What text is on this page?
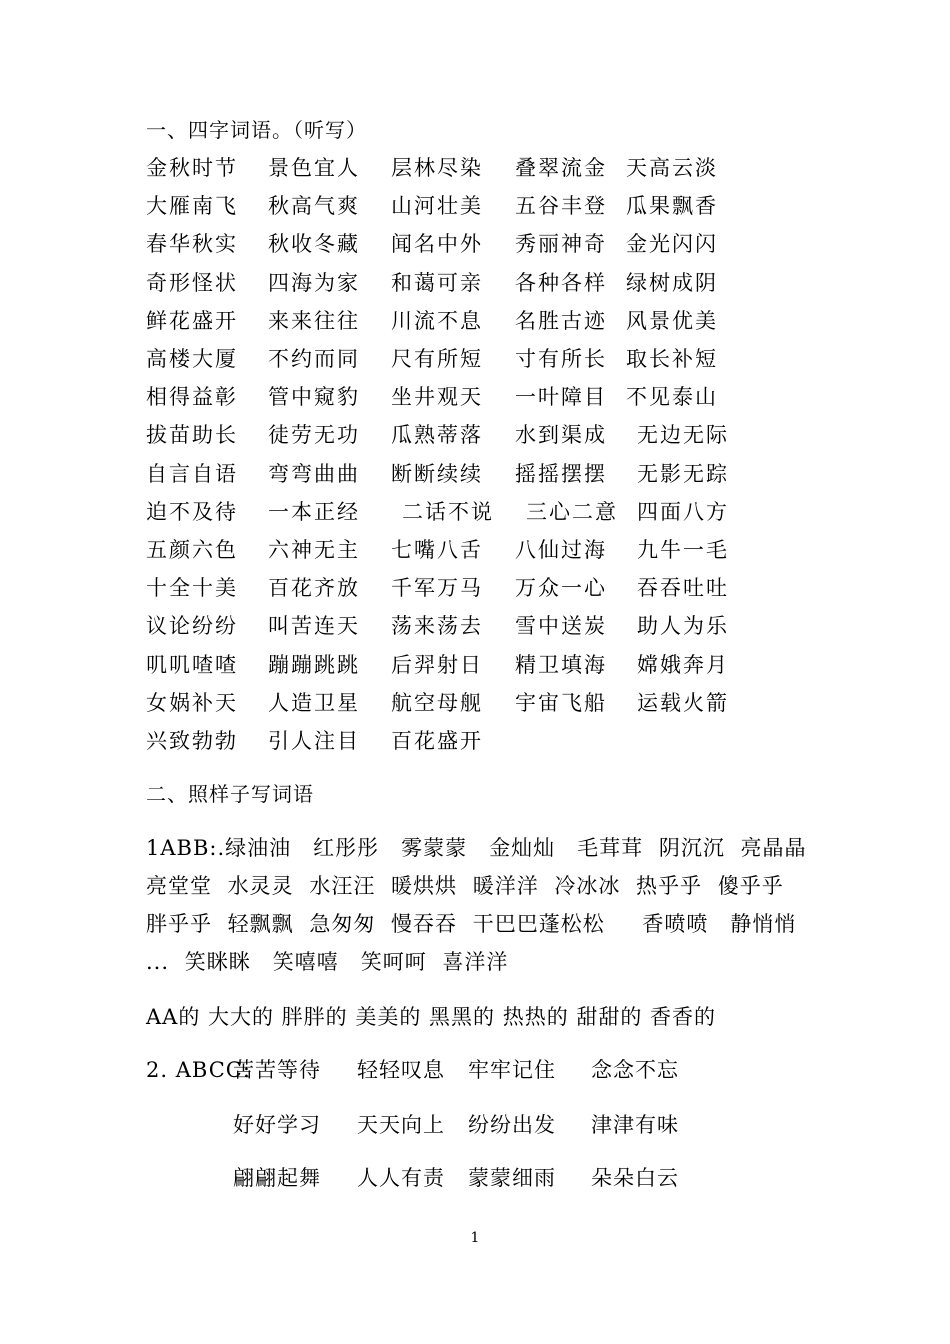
一、四字词语。（听写）
金秋时节 景色宜人 层林尽染 叠翠流金 天高云淡
大雁南飞 秋高气爽 山河壮美 五谷丰登 瓜果飘香
春华秋实 秋收冬藏 闻名中外 秀丽神奇 金光闪闪
奇形怪状 四海为家 和蔼可亲 各种各样 绿树成阴
鲜花盛开 来来往往 川流不息 名胜古迹 风景优美
高楼大厦 不约而同 尺有所短 寸有所长 取长补短
相得益彰 管中窥豹 坐井观天 一叶障目 不见泰山
拔苗助长 徒劳无功 瓜熟蒂落 水到渠成 无边无际
自言自语 弯弯曲曲 断断续续 摇摇摆摆 无影无踪
迫不及待 一本正经 二话不说 三心二意 四面八方
五颜六色 六神无主 七嘴八舌 八仙过海 九牛一毛
十全十美 百花齐放 千军万马 万众一心 吞吞吐吐
议论纷纷 叫苦连天 荡来荡去 雪中送炭 助人为乐
叽叽喳喳 蹦蹦跳跳 后羿射日 精卫填海 嫦娥奔月
女娲补天 人造卫星 航空母舰 宇宙飞船 运载火箭
兴致勃勃 引人注目 百花盛开
二、照样子写词语
1ABB:.绿油油　红彤彤　雾蒙蒙　金灿灿　毛茸茸 阴沉沉 亮晶晶 亮堂堂 水灵灵 水汪汪 暖烘烘 暖洋洋 冷冰冰 热乎乎 傻乎乎 胖乎乎 轻飘飘 急匆匆 慢吞吞 干巴巴蓬松松　 香喷喷　静悄悄 ... 笑眯眯　笑嘻嘻　笑呵呵 喜洋洋
AA的 大大的 胖胖的 美美的 黑黑的 热热的 甜甜的 香香的
2. ABCC:
苦苦等待 轻轻叹息 牢牢记住 念念不忘
好好学习 天天向上 纷纷出发 津津有味
翩翩起舞 人人有责 蒙蒙细雨 朵朵白云
1
